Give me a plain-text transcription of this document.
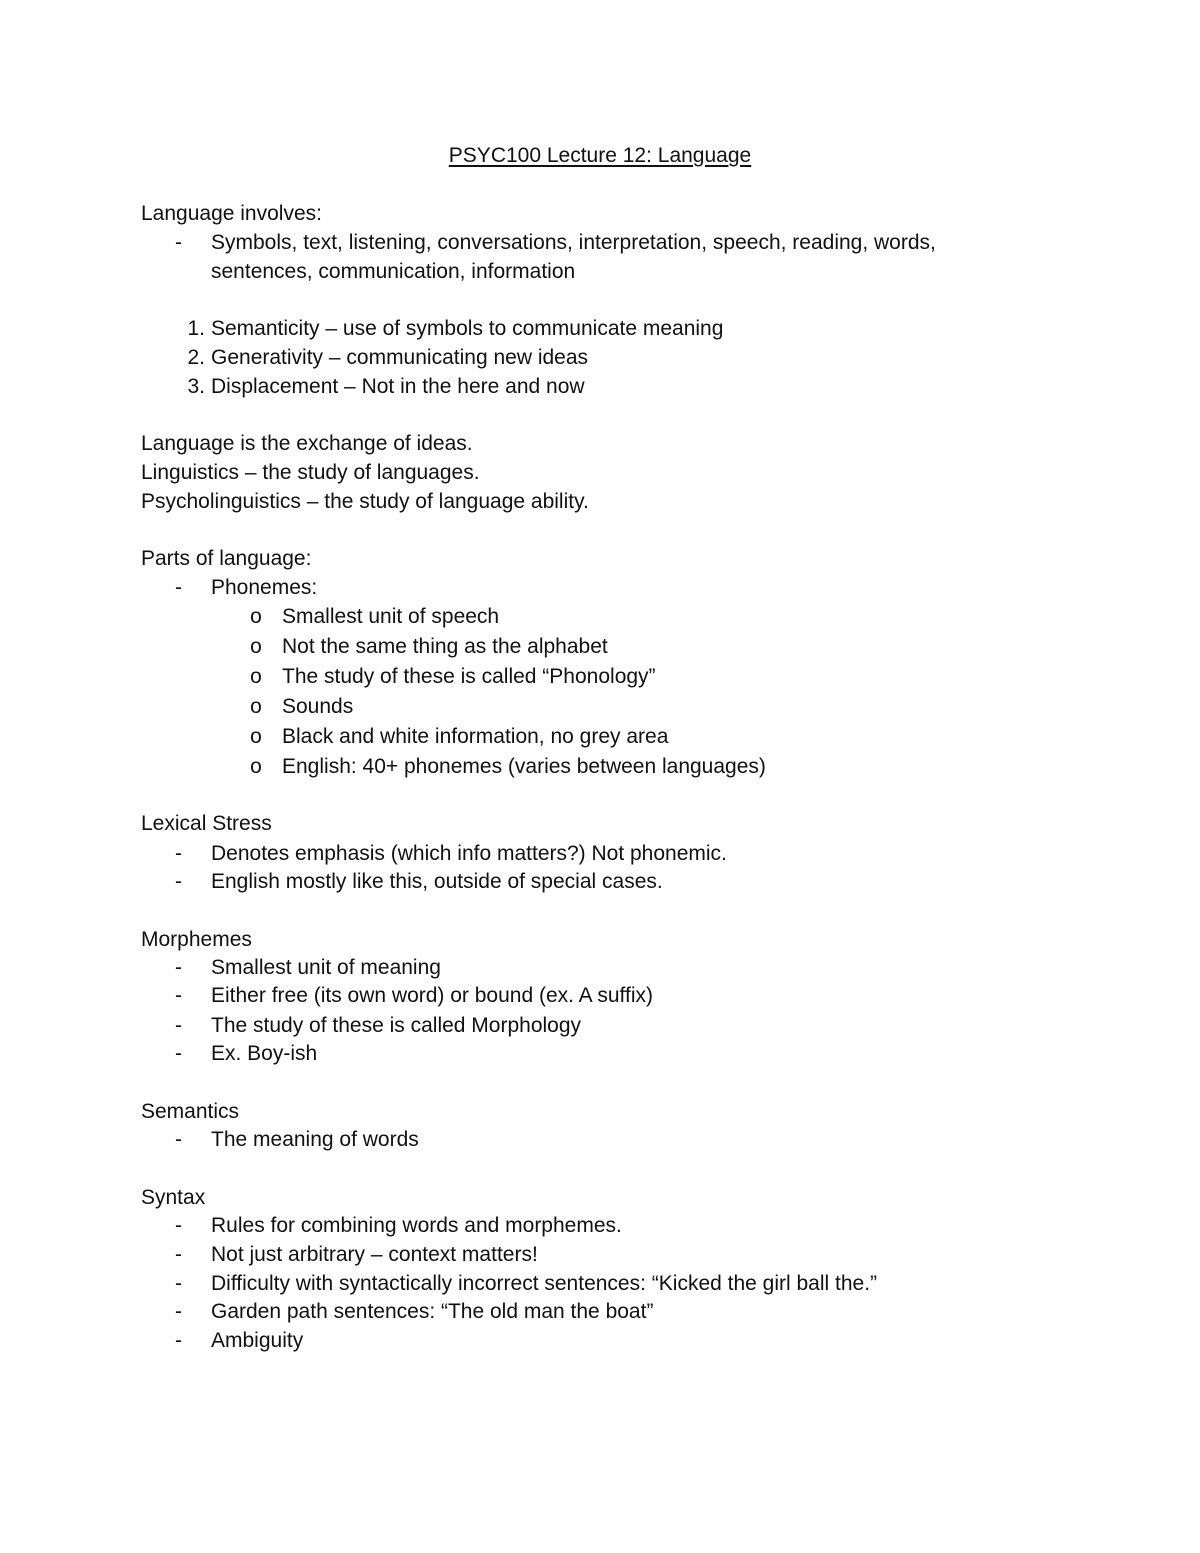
PSYC100 Lecture 12: Language
Language involves:
- Symbols, text, listening, conversations, interpretation, speech, reading, words,
sentences, communication, information
1. Semanticity – use of symbols to communicate meaning
2. Generativity – communicating new ideas
3. Displacement – Not in the here and now
Language is the exchange of ideas.
Linguistics – the study of languages.
Psycholinguistics – the study of language ability.
Parts of language:
- Phonemes:
o Smallest unit of speech
o Not the same thing as the alphabet
o The study of these is called “Phonology”
o Sounds
o Black and white information, no grey area
o English: 40+ phonemes (varies between languages)
Lexical Stress
- Denotes emphasis (which info matters?) Not phonemic.
- English mostly like this, outside of special cases.
Morphemes
- Smallest unit of meaning
- Either free (its own word) or bound (ex. A suffix)
- The study of these is called Morphology
- Ex. Boy-ish
Semantics
- The meaning of words
Syntax
- Rules for combining words and morphemes.
- Not just arbitrary – context matters!
- Difficulty with syntactically incorrect sentences: “Kicked the girl ball the.”
- Garden path sentences: “The old man the boat”
- Ambiguity
